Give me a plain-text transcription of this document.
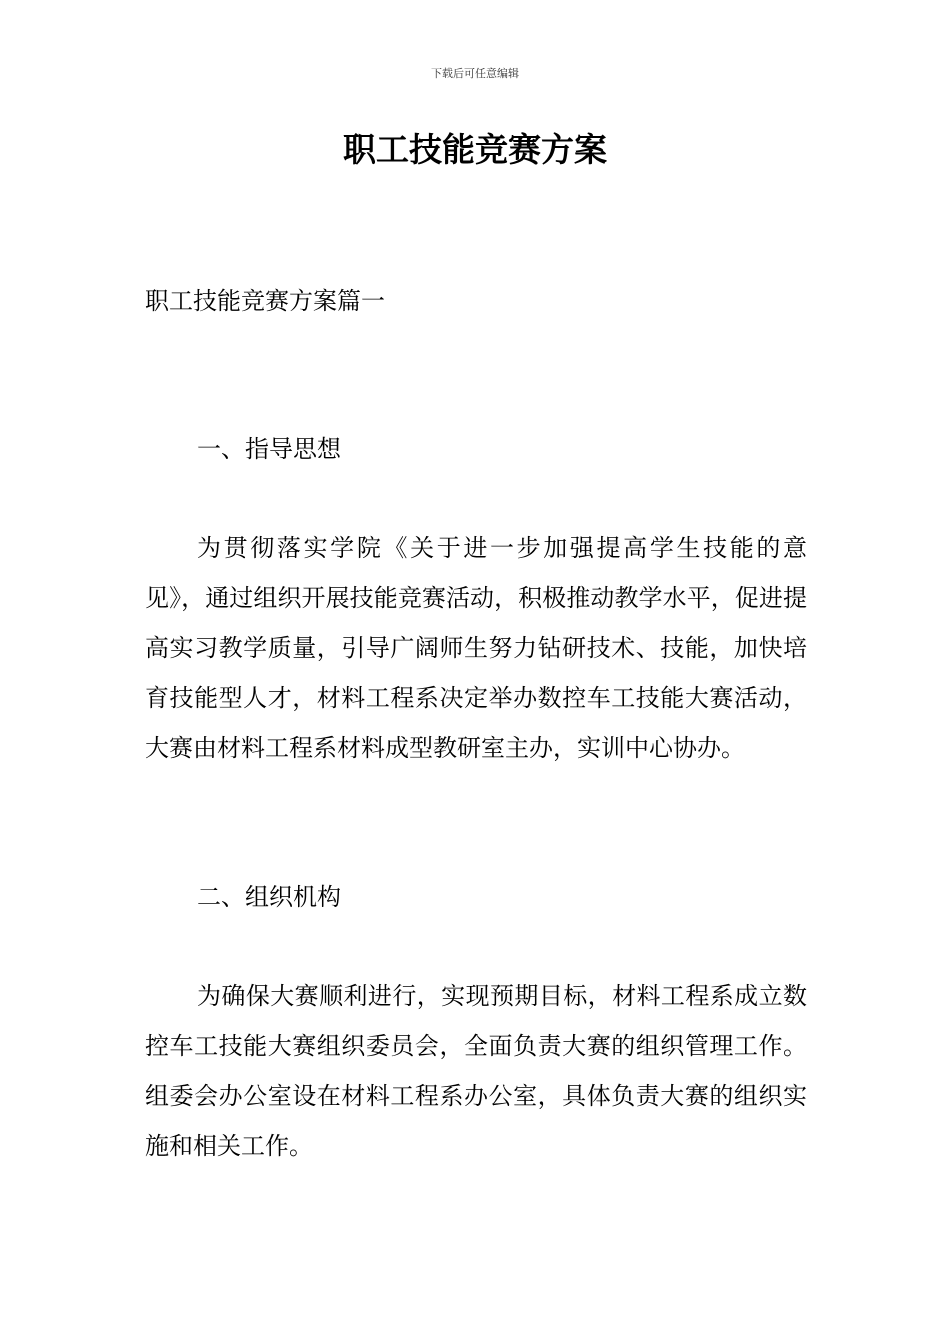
下载后可任意编辑
职工技能竞赛方案

职工技能竞赛方案篇一

一、指导思想

为贯彻落实学院《关于进一步加强提高学生技能的意见》，通过组织开展技能竞赛活动，积极推动教学水平，促进提高实习教学质量，引导广阔师生努力钻研技术、技能，加快培育技能型人才，材料工程系决定举办数控车工技能大赛活动，大赛由材料工程系材料成型教研室主办，实训中心协办。

二、组织机构

为确保大赛顺利进行，实现预期目标，材料工程系成立数控车工技能大赛组织委员会，全面负责大赛的组织管理工作。组委会办公室设在材料工程系办公室，具体负责大赛的组织实施和相关工作。
